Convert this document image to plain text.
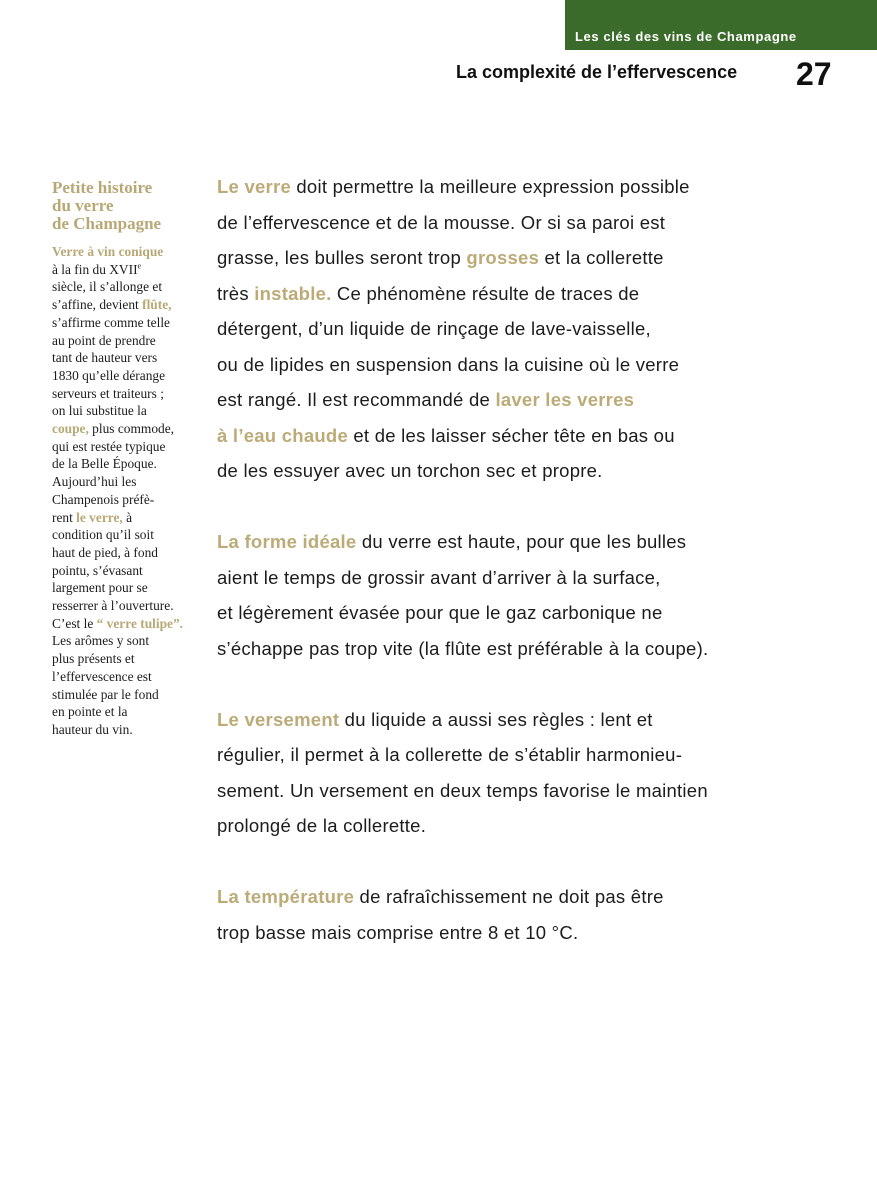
Les clés des vins de Champagne
La complexité de l’effervescence 27
Petite histoire
du verre
de Champagne

Verre à vin conique
à la fin du XVIIe
siècle, il s’allonge et
s’affine, devient flûte,
s’affirme comme telle
au point de prendre
tant de hauteur vers
1830 qu’elle dérange
serveurs et traiteurs ;
on lui substitue la
coupe, plus commode,
qui est restée typique
de la Belle Époque.
Aujourd’hui les
Champenois préfè-
rent le verre, à
condition qu’il soit
haut de pied, à fond
pointu, s’évasant
largement pour se
resserrer à l’ouverture.
C’est le “ verre tulipe”.
Les arômes y sont
plus présents et
l’effervescence est
stimulée par le fond
en pointe et la
hauteur du vin.

Le verre doit permettre la meilleure expression possible
de l’effervescence et de la mousse. Or si sa paroi est
grasse, les bulles seront trop grosses et la collerette
très instable. Ce phénomène résulte de traces de
détergent, d’un liquide de rinçage de lave-vaisselle,
ou de lipides en suspension dans la cuisine où le verre
est rangé. Il est recommandé de laver les verres
à l’eau chaude et de les laisser sécher tête en bas ou
de les essuyer avec un torchon sec et propre.

La forme idéale du verre est haute, pour que les bulles
aient le temps de grossir avant d’arriver à la surface,
et légèrement évasée pour que le gaz carbonique ne
s’échappe pas trop vite (la flûte est préférable à la coupe).

Le versement du liquide a aussi ses règles : lent et
régulier, il permet à la collerette de s’établir harmonieu-
sement. Un versement en deux temps favorise le maintien
prolongé de la collerette.

La température de rafraîchissement ne doit pas être
trop basse mais comprise entre 8 et 10 °C.
